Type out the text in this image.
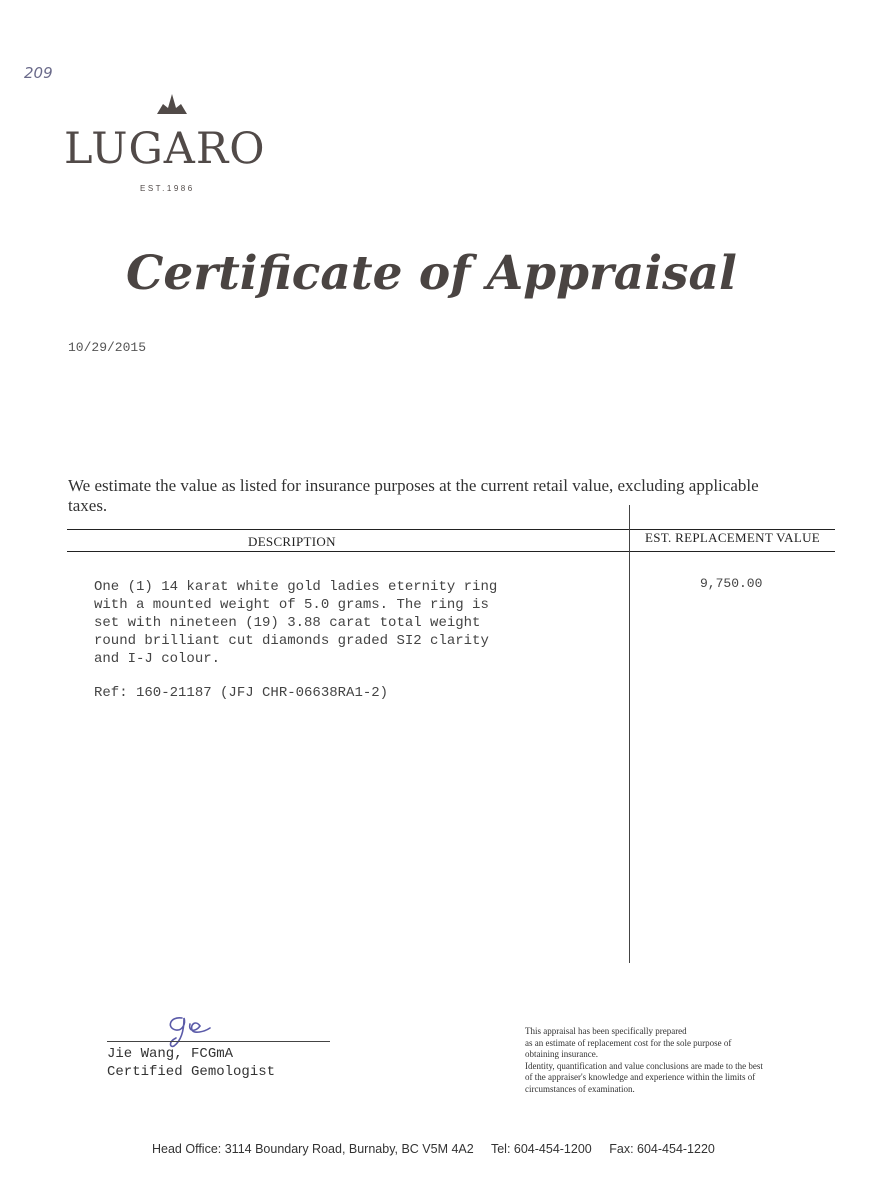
209
LUGARO
EST.1986
Certificate of Appraisal
10/29/2015
We estimate the value as listed for insurance purposes at the current retail value, excluding applicable taxes.
DESCRIPTION	EST. REPLACEMENT VALUE

One (1) 14 karat white gold ladies eternity ring
with a mounted weight of 5.0 grams. The ring is
set with nineteen (19) 3.88 carat total weight
round brilliant cut diamonds graded SI2 clarity
and I-J colour.

Ref: 160-21187 (JFJ CHR-06638RA1-2)

9,750.00
Jie Wang, FCGmA
Certified Gemologist

This appraisal has been specifically prepared

as an estimate of replacement cost for the sole purpose of

obtaining insurance.

Identity, quantification and value conclusions are made to the best

of the appraiser's knowledge and experience within the limits of

circumstances of examination.

Head Office: 3114 Boundary Road, Burnaby, BC V5M 4A2 Tel: 604-454-1200 Fax: 604-454-1220
